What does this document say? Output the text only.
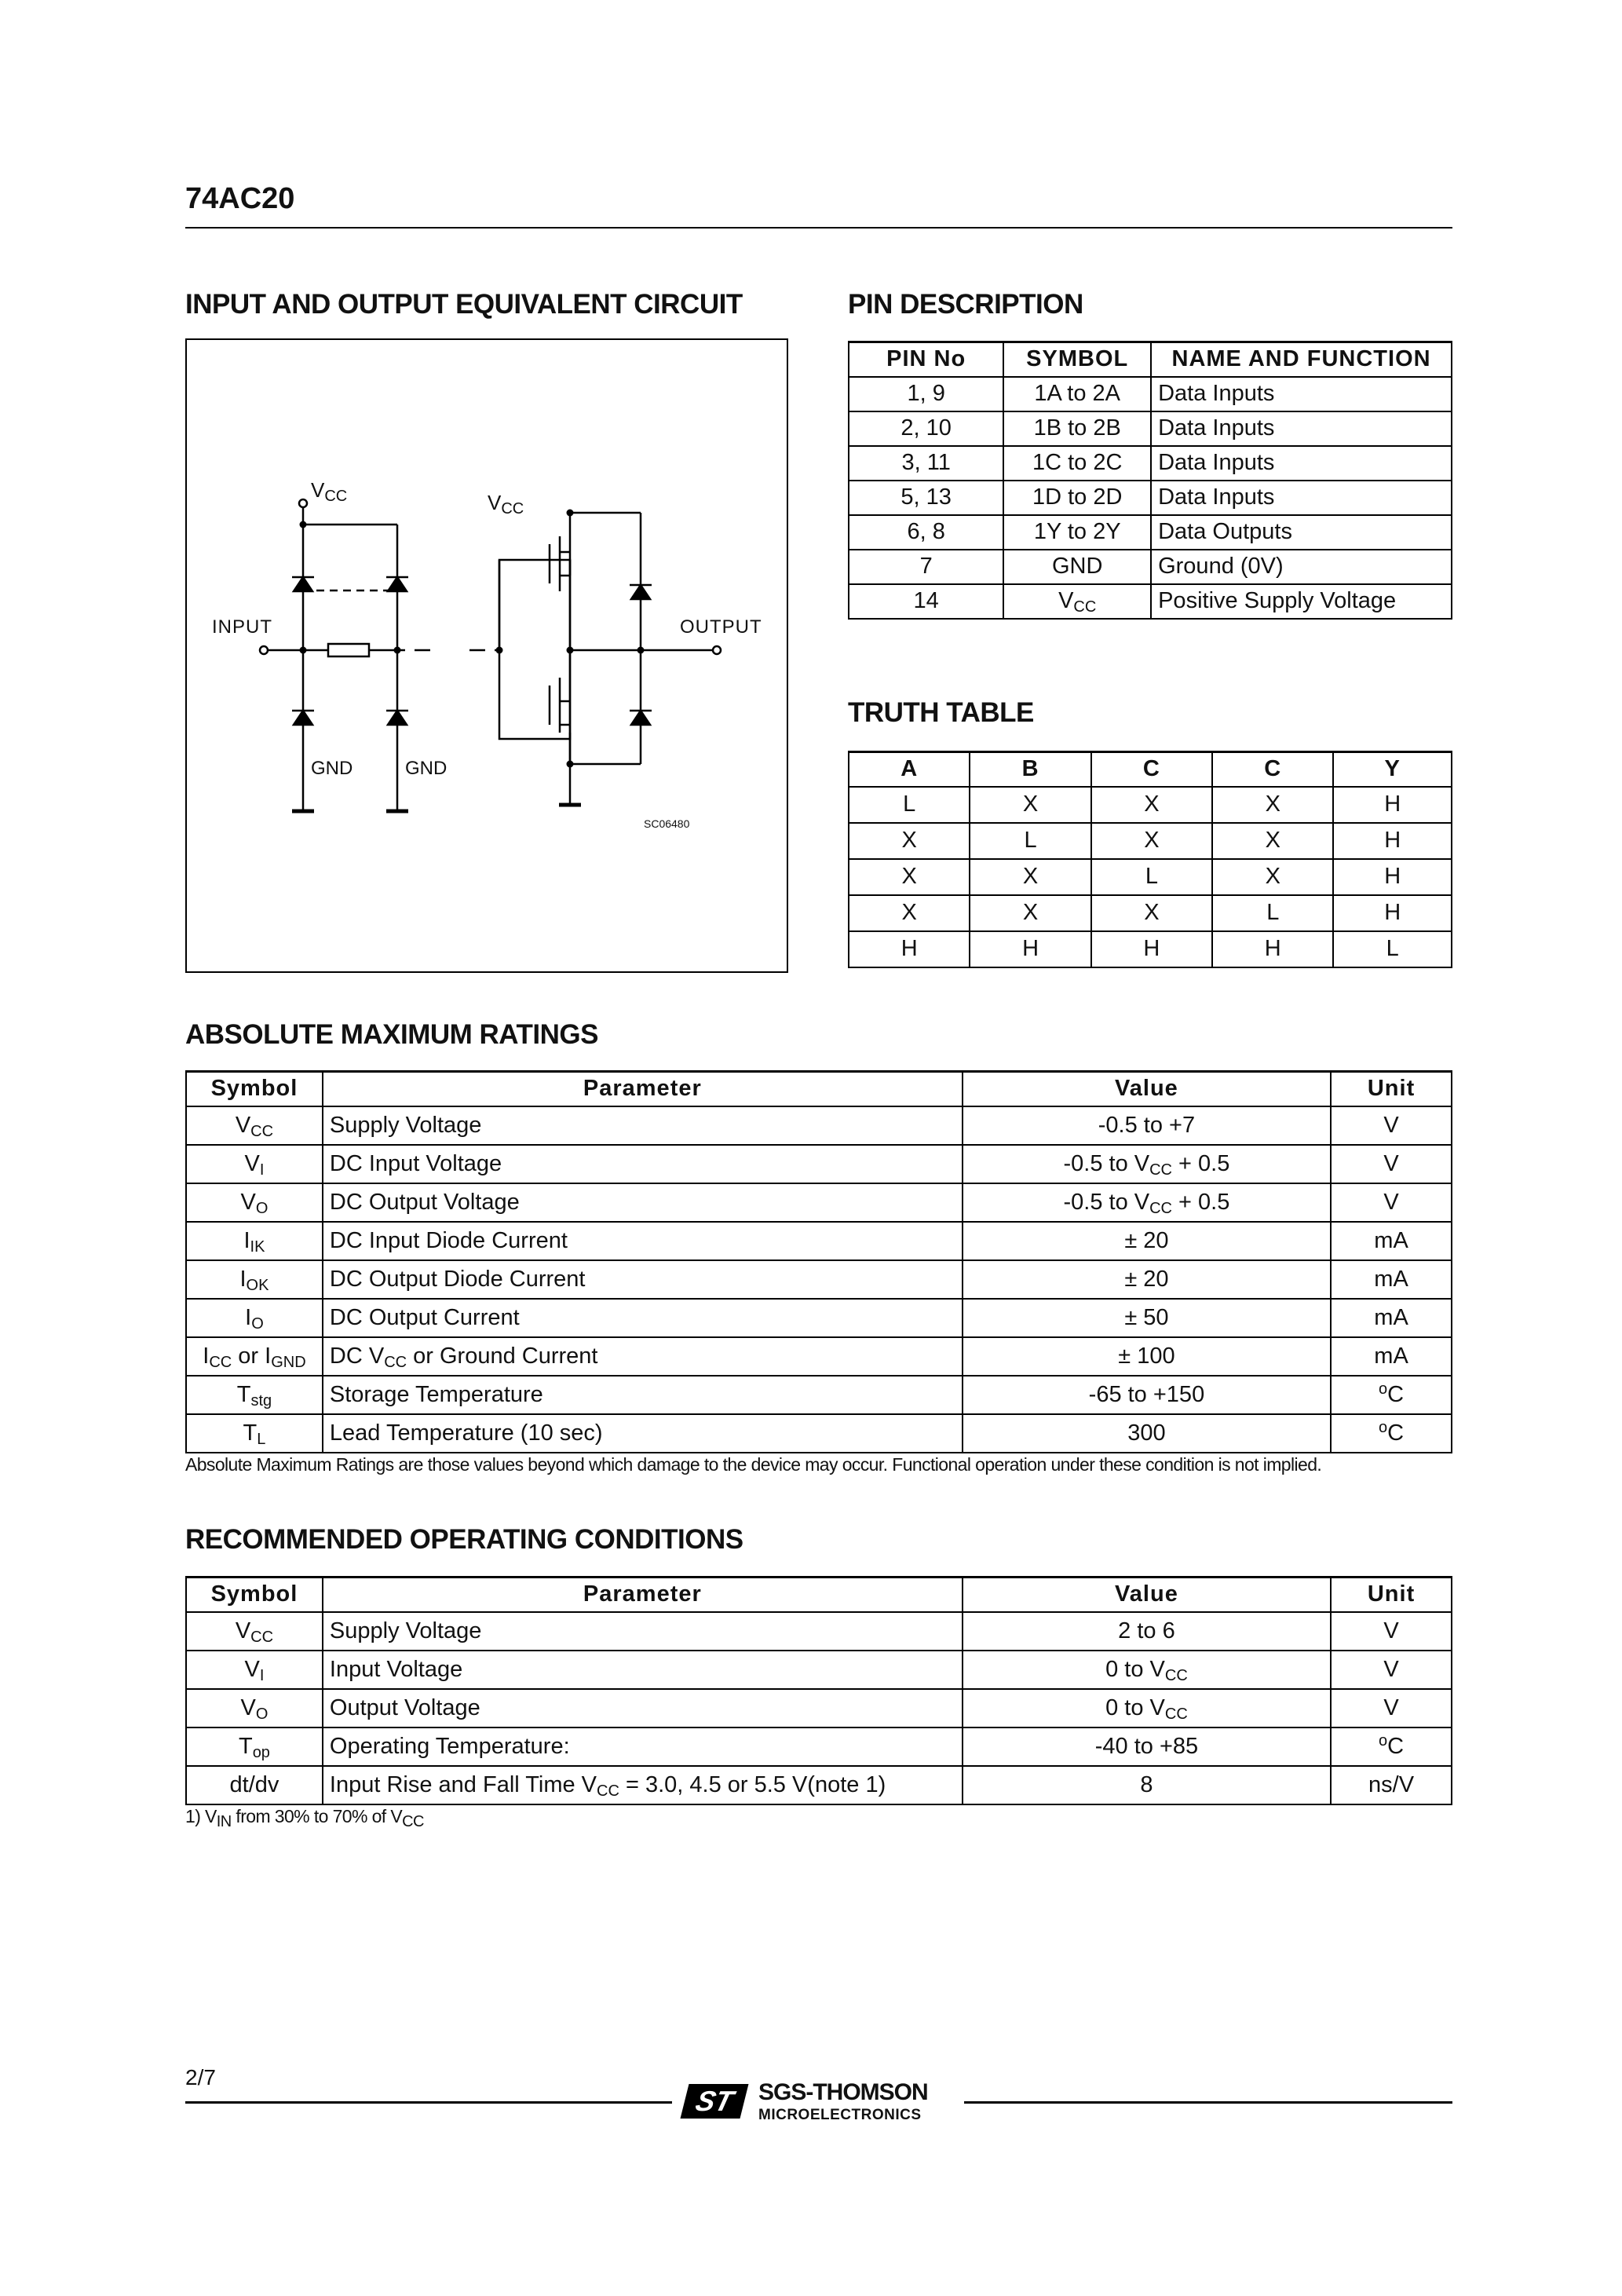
74AC20
INPUT AND OUTPUT EQUIVALENT CIRCUIT
$V_{CC}$	$V_{CC}$
INPUT	OUTPUT
GND	GND
SC06480
PIN DESCRIPTION
PIN No	SYMBOL	NAME AND FUNCTION
1, 9	1A to 2A	Data Inputs
2, 10	1B to 2B	Data Inputs
3, 11	1C to 2C	Data Inputs
5, 13	1D to 2D	Data Inputs
6, 8	1Y to 2Y	Data Outputs
7	GND	Ground (0V)
14	$V_{CC}$	Positive Supply Voltage
TRUTH TABLE
A	B	C	C	Y
L	X	X	X	H
X	L	X	X	H
X	X	L	X	H
X	X	X	L	H
H	H	H	H	L
ABSOLUTE MAXIMUM RATINGS
Symbol	Parameter	Value	Unit
$V_{CC}$	Supply Voltage	-0.5 to +7	V
$V_I$	DC Input Voltage	-0.5 to $V_{CC} + 0.5$	V
$V_O$	DC Output Voltage	-0.5 to $V_{CC} + 0.5$	V
$I_{IK}$	DC Input Diode Current	± 20	mA
$I_{OK}$	DC Output Diode Current	± 20	mA
$I_O$	DC Output Current	± 50	mA
$I_{CC}$ or $I_{GND}$	DC $V_{CC}$ or Ground Current	± 100	mA
$T_{stg}$	Storage Temperature	-65 to +150	$^o$C
$T_L$	Lead Temperature (10 sec)	300	$^o$C
Absolute Maximum Ratings are those values beyond which damage to the device may occur. Functional operation under these condition is not implied.
RECOMMENDED OPERATING CONDITIONS
Symbol	Parameter	Value	Unit
$V_{CC}$	Supply Voltage	2 to 6	V
$V_I$	Input Voltage	0 to $V_{CC}$	V
$V_O$	Output Voltage	0 to $V_{CC}$	V
$T_{op}$	Operating Temperature:	-40 to +85	$^o$C
dt/dv	Input Rise and Fall Time $V_{CC} = 3.0$, 4.5 or 5.5 V(note 1)	8	ns/V
1) $V_{IN}$ from 30% to 70% of $V_{CC}$
2/7
ST SGS-THOMSON
MICROELECTRONICS
